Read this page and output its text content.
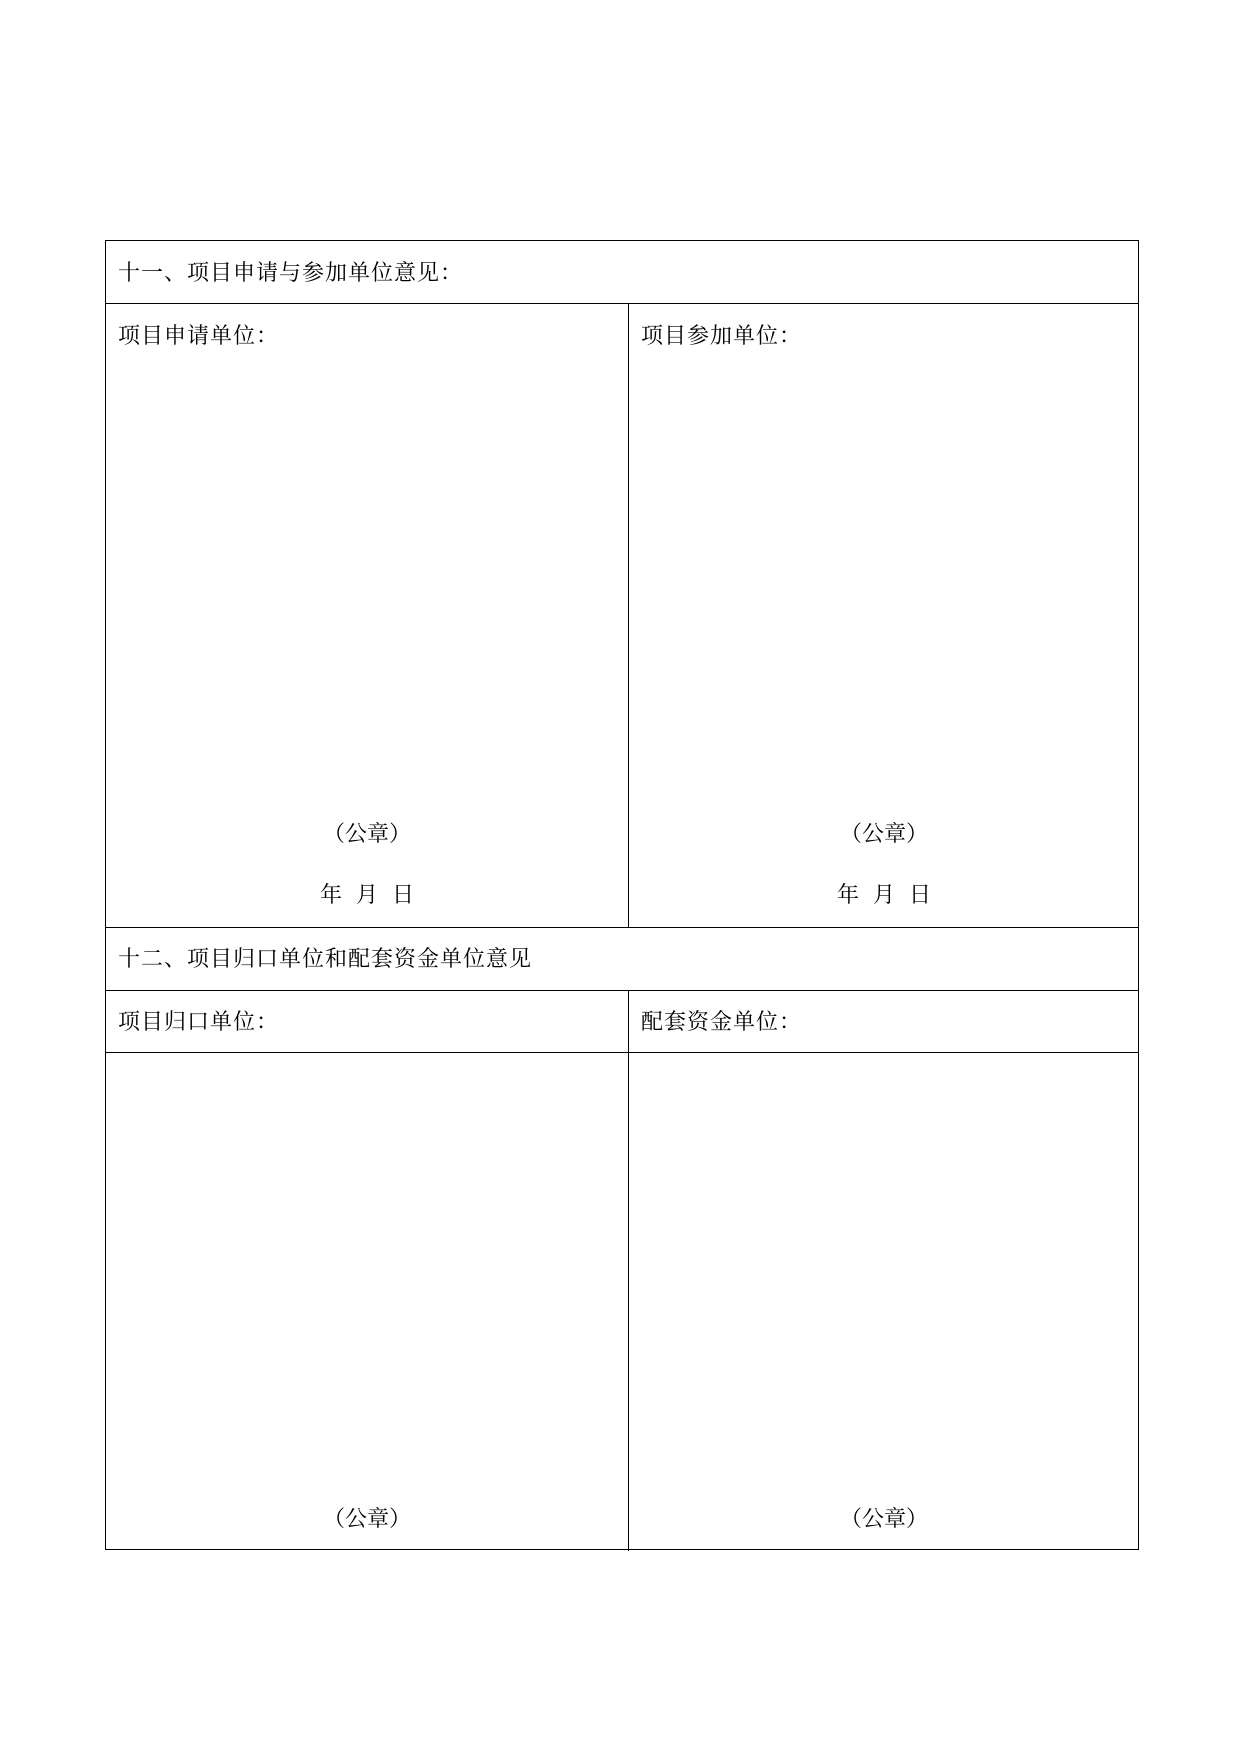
十一、项目申请与参加单位意见：
项目申请单位：	项目参加单位：
（公章）	（公章）
年  月  日	年  月  日
十二、项目归口单位和配套资金单位意见
项目归口单位：	配套资金单位：
（公章）	（公章）
